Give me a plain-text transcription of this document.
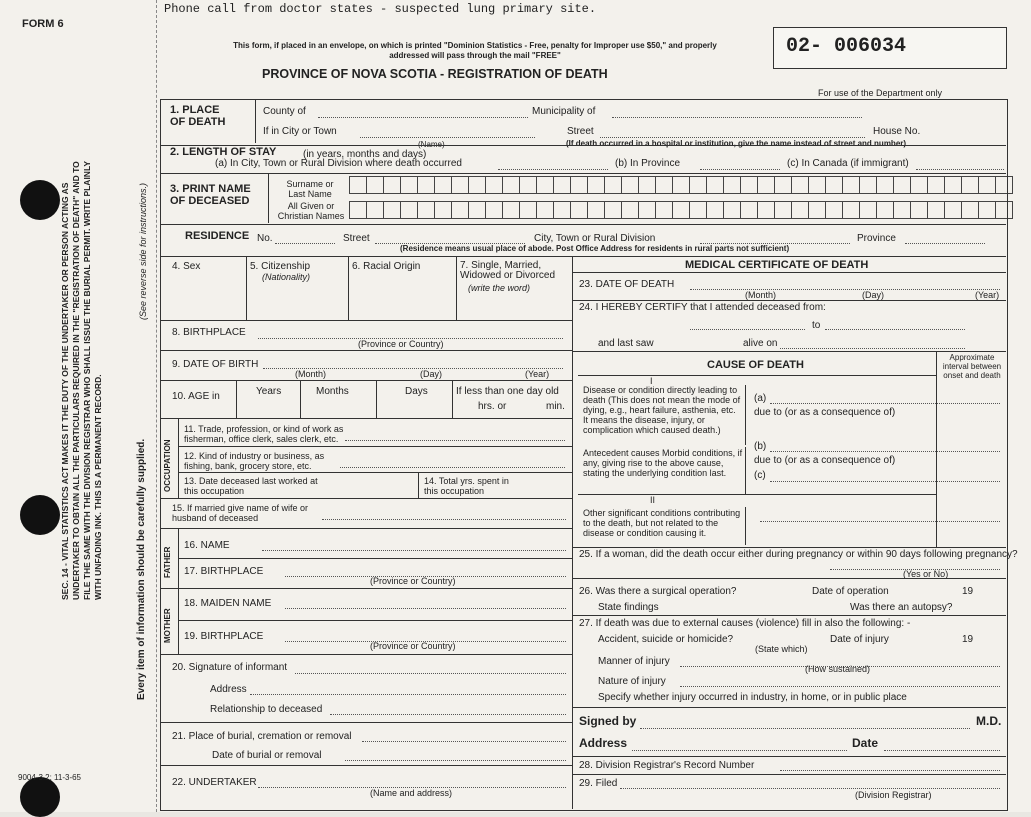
FORM 6
SEC. 14 - VITAL STATISTICS ACT MAKES IT THE DUTY OF THE UNDERTAKER OR PERSON ACTING AS UNDERTAKER TO OBTAIN ALL THE PARTICULARS REQUIRED IN THE "REGISTRATION OF DEATH" AND TO FILE THE SAME WITH THE DIVISION REGISTRAR WHO SHALL ISSUE THE BURIAL PERMIT. WRITE PLAINLY WITH UNFADING INK. THIS IS A PERMANENT RECORD.	Every item of information should be carefully supplied.
(See reverse side for instructions.)
9004-3.2: 11-3-65
Phone call from doctor states - suspected lung primary site.
This form, if placed in an envelope, on which is printed "Dominion Statistics - Free, penalty for Improper use $50," and properly addressed will pass through the mail "FREE"
PROVINCE OF NOVA SCOTIA - REGISTRATION OF DEATH
02- 006034
For use of the Department only
1. PLACE OF DEATH
County of	Municipality of
If in City or Town
(Name)
Street	House No.
(If death occurred in a hospital or institution, give the name instead of street and number)
2. LENGTH OF STAY	(in years, months and days)
(a) In City, Town or Rural Division where death occurred	(b) In Province	(c) In Canada (if immigrant)
3. PRINT NAME OF DECEASED
Surname or Last Name
All Given or Christian Names
RESIDENCE No.	Street	City, Town or Rural Division	Province
(Residence means usual place of abode. Post Office Address for residents in rural parts not sufficient)
4. Sex	5. Citizenship
(Nationality)
6. Racial Origin	7. Single, Married, Widowed or Divorced
(write the word)
8. BIRTHPLACE
(Province or Country)
9. DATE OF BIRTH
(Month)	(Day)	(Year)
10. AGE in	Years	Months	Days	If less than one day old
hrs. or	min.
OCCUPATION
11. Trade, profession, or kind of work as fisherman, office clerk, sales clerk, etc.
12. Kind of industry or business, as fishing, bank, grocery store, etc.
13. Date deceased last worked at this occupation
14. Total yrs. spent in this occupation
15. If married give name of wife or husband of deceased
FATHER
16. NAME
17. BIRTHPLACE
(Province or Country)
MOTHER
18. MAIDEN NAME
19. BIRTHPLACE
(Province or Country)
20. Signature of informant
Address
Relationship to deceased
21. Place of burial, cremation or removal
Date of burial or removal
22. UNDERTAKER
(Name and address)
MEDICAL CERTIFICATE OF DEATH
23. DATE OF DEATH
(Month)	(Day)	(Year)
24. I HEREBY CERTIFY that I attended deceased from:
to
and last saw	alive on
CAUSE OF DEATH
Approximate interval between onset and death
I
Disease or condition directly leading to death (This does not mean the mode of dying, e.g., heart failure, asthenia, etc. It means the disease, injury, or complication which caused death.)
(a)
due to (or as a consequence of)
Antecedent causes Morbid conditions, if any, giving rise to the above cause, stating the underlying condition last.
(b)
due to (or as a consequence of)
(c)
II
Other significant conditions contributing to the death, but not related to the disease or condition causing it.
25. If a woman, did the death occur either during pregnancy or within 90 days following pregnancy?
(Yes or No)
26. Was there a surgical operation?	Date of operation	19
State findings	Was there an autopsy?
27. If death was due to external causes (violence) fill in also the following: -
Accident, suicide or homicide?	Date of injury	19
(State which)
Manner of injury
(How sustained)
Nature of injury
Specify whether injury occurred in industry, in home, or in public place
Signed by	M.D.
Address	Date
28. Division Registrar's Record Number
29. Filed
(Division Registrar)
